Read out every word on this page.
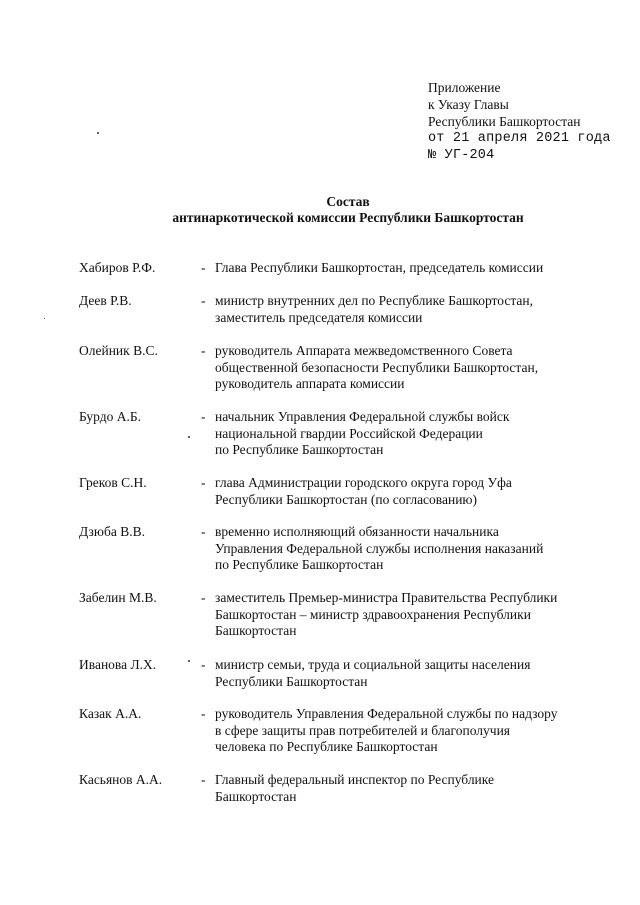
Приложение
к Указу Главы
Республики Башкортостан
от 21 апреля 2021 года
№ УГ-204
Состав
антинаркотической комиссии Республики Башкортостан
Хабиров Р.Ф.	- Глава Республики Башкортостан, председатель комиссии
Деев Р.В.	- министр внутренних дел по Республике Башкортостан,
заместитель председателя комиссии
Олейник В.С.	- руководитель Аппарата межведомственного Совета
общественной безопасности Республики Башкортостан,
руководитель аппарата комиссии
Бурдо А.Б.	- начальник Управления Федеральной службы войск
национальной гвардии Российской Федерации
по Республике Башкортостан
Греков С.Н.	- глава Администрации городского округа город Уфа
Республики Башкортостан (по согласованию)
Дзюба В.В.	- временно исполняющий обязанности начальника
Управления Федеральной службы исполнения наказаний
по Республике Башкортостан
Забелин М.В.	- заместитель Премьер-министра Правительства Республики
Башкортостан – министр здравоохранения Республики
Башкортостан
Иванова Л.Х.	- министр семьи, труда и социальной защиты населения
Республики Башкортостан
Казак А.А.	- руководитель Управления Федеральной службы по надзору
в сфере защиты прав потребителей и благополучия
человека по Республике Башкортостан
Касьянов А.А.	- Главный федеральный инспектор по Республике
Башкортостан
